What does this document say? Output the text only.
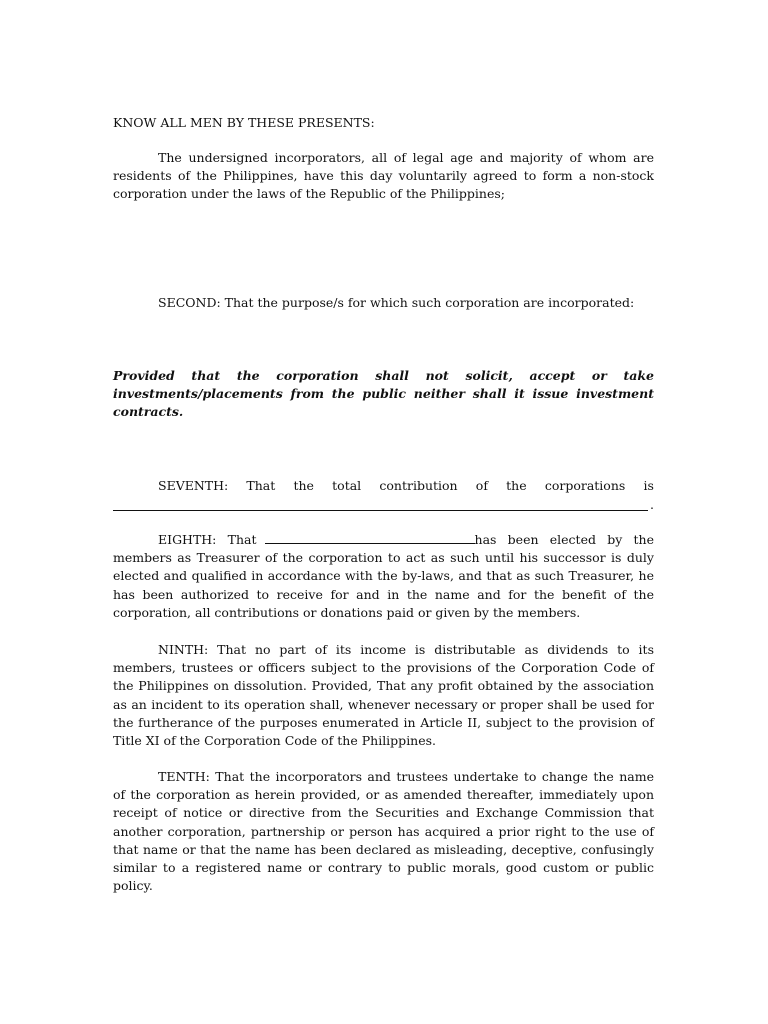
KNOW ALL MEN BY THESE PRESENTS:

The undersigned incorporators, all of legal age and majority of whom are residents of the Philippines, have this day voluntarily agreed to form a non-stock corporation under the laws of the Republic of the Philippines;

SECOND: That the purpose/s for which such corporation are incorporated:

Provided that the corporation shall not solicit, accept or take investments/placements from the public neither shall it issue investment contracts.

SEVENTH: That the total contribution of the corporations is
.

EIGHTH: That	has been elected by the members as Treasurer of the corporation to act as such until his successor is duly elected and qualified in accordance with the by-laws, and that as such Treasurer, he has been authorized to receive for and in the name and for the benefit of the corporation, all contributions or donations paid or given by the members.

NINTH: That no part of its income is distributable as dividends to its members, trustees or officers subject to the provisions of the Corporation Code of the Philippines on dissolution. Provided, That any profit obtained by the association as an incident to its operation shall, whenever necessary or proper shall be used for the furtherance of the purposes enumerated in Article II, subject to the provision of Title XI of the Corporation Code of the Philippines.

TENTH: That the incorporators and trustees undertake to change the name of the corporation as herein provided, or as amended thereafter, immediately upon receipt of notice or directive from the Securities and Exchange Commission that another corporation, partnership or person has acquired a prior right to the use of that name or that the name has been declared as misleading, deceptive, confusingly similar to a registered name or contrary to public morals, good custom or public policy.
